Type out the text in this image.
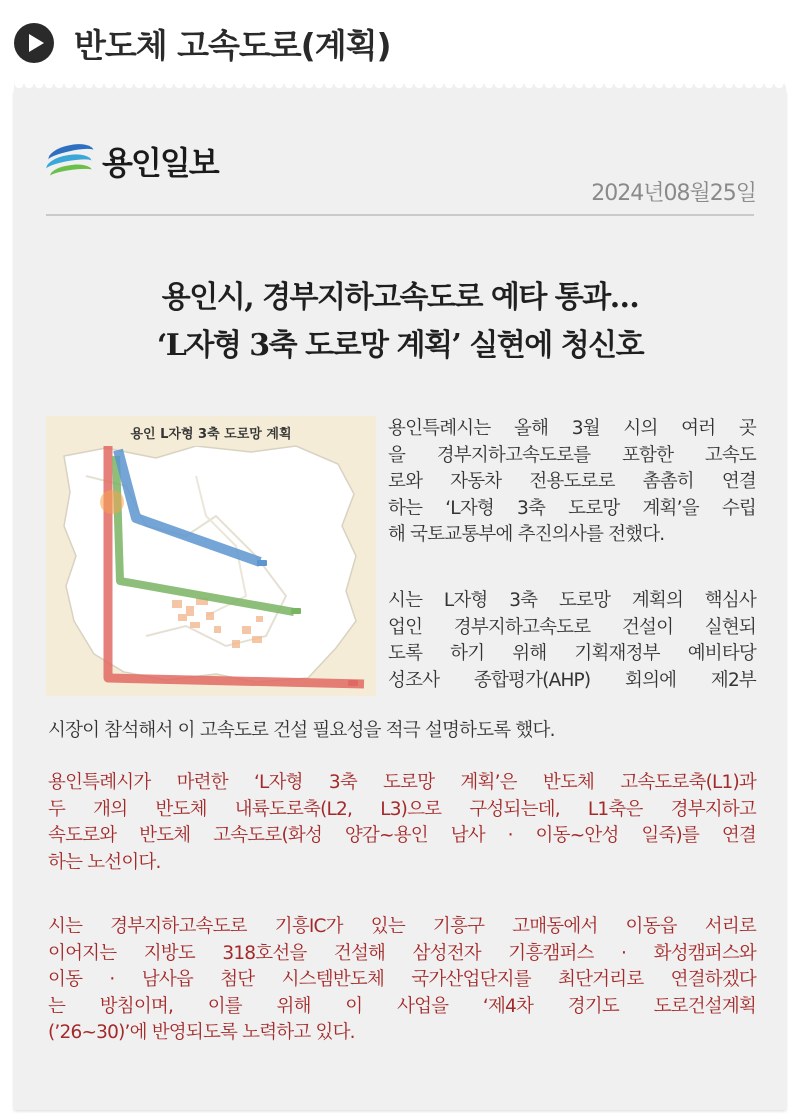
반도체 고속도로(계획)
용인일보
2024년08월25일
용인시, 경부지하고속도로 예타 통과…
‘L자형 3축 도로망 계획’ 실현에 청신호
용인 L자형 3축 도로망 계획	용인특례시는 올해 3월 시의 여러 곳
을 경부지하고속도로를 포함한 고속도
로와 자동차 전용도로로 촘촘히 연결
하는 ‘L자형 3축 도로망 계획’을 수립
해 국토교통부에 추진의사를 전했다.
시는 L자형 3축 도로망 계획의 핵심사
업인 경부지하고속도로 건설이 실현되
도록 하기 위해 기획재정부 예비타당
성조사 종합평가(AHP) 회의에 제2부
시장이 참석해서 이 고속도로 건설 필요성을 적극 설명하도록 했다.
용인특례시가 마련한 ‘L자형 3축 도로망 계획’은 반도체 고속도로축(L1)과
두 개의 반도체 내륙도로축(L2, L3)으로 구성되는데, L1축은 경부지하고
속도로와 반도체 고속도로(화성 양감~용인 남사 · 이동~안성 일죽)를 연결
하는 노선이다.
시는 경부지하고속도로 기흥IC가 있는 기흥구 고매동에서 이동읍 서리로
이어지는 지방도 318호선을 건설해 삼성전자 기흥캠퍼스 · 화성캠퍼스와
이동 · 남사읍 첨단 시스템반도체 국가산업단지를 최단거리로 연결하겠다
는 방침이며, 이를 위해 이 사업을 ‘제4차 경기도 도로건설계획
(’26~30)’에 반영되도록 노력하고 있다.
